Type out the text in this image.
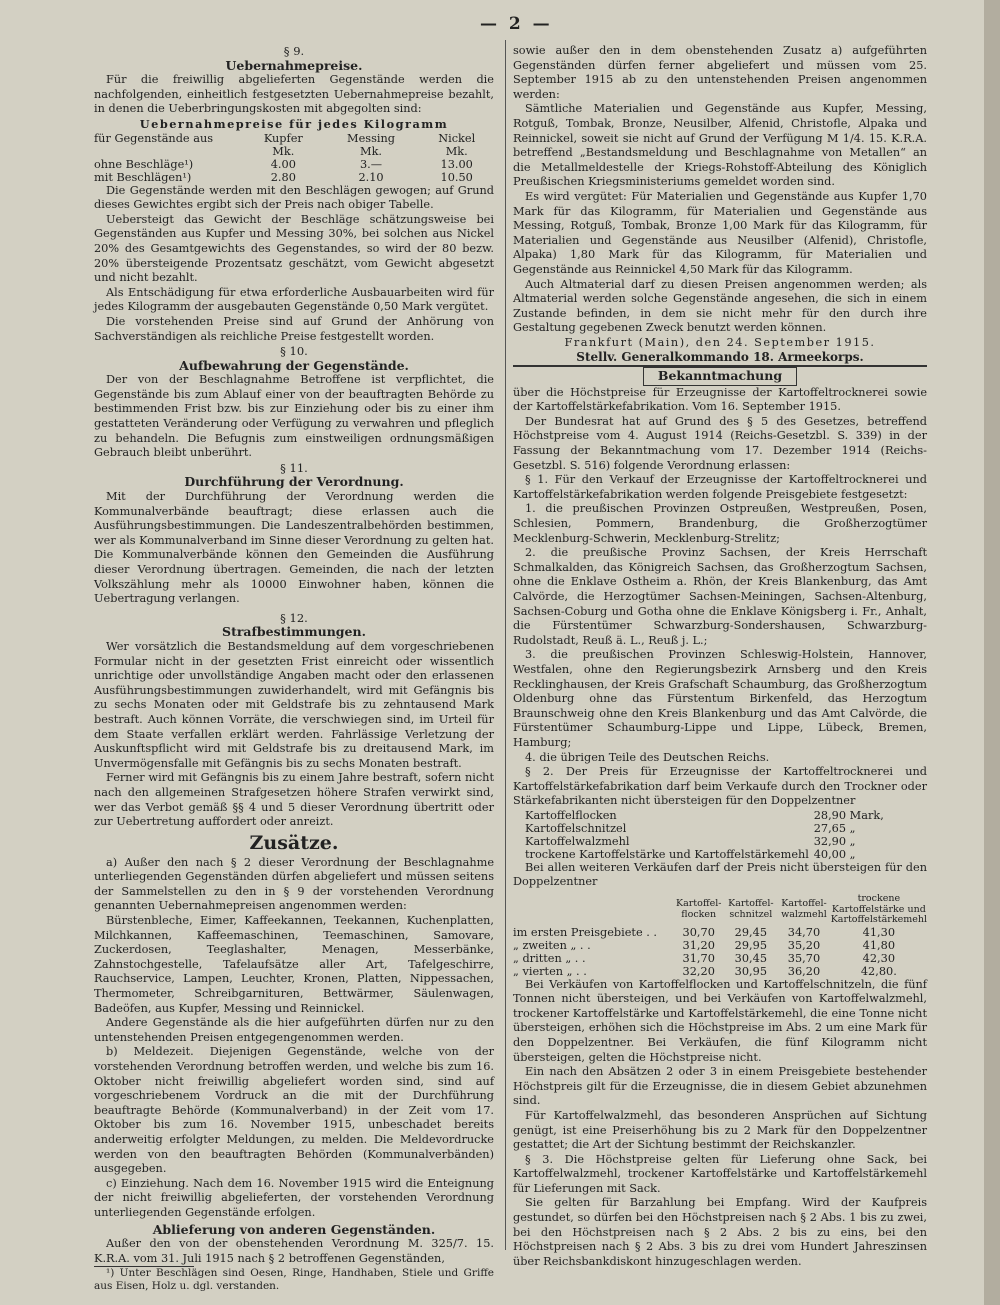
— 2 —
§ 9.
Uebernahmepreise.

Für die freiwillig abgelieferten Gegenstände werden die nachfolgenden, einheitlich festgesetzten Uebernahmepreise bezahlt, in denen die Ueberbringungskosten mit abgegolten sind:

Uebernahmepreise für jedes Kilogramm
für Gegenstände aus	Kupfer	Messing	Nickel
	Mk.	Mk.	Mk.
ohne Beschläge¹)	4.00	3.—	13.00
mit Beschlägen¹)	2.80	2.10	10.50

Die Gegenstände werden mit den Beschlägen gewogen; auf Grund dieses Gewichtes ergibt sich der Preis nach obiger Tabelle.

Uebersteigt das Gewicht der Beschläge schätzungsweise bei Gegenständen aus Kupfer und Messing 30%, bei solchen aus Nickel 20% des Gesamtgewichts des Gegenstandes, so wird der 80 bezw. 20% übersteigende Prozentsatz geschätzt, vom Gewicht abgesetzt und nicht bezahlt.

Als Entschädigung für etwa erforderliche Ausbauarbeiten wird für jedes Kilogramm der ausgebauten Gegenstände 0,50 Mark vergütet.

Die vorstehenden Preise sind auf Grund der Anhörung von Sachverständigen als reichliche Preise festgestellt worden.

§ 10.
Aufbewahrung der Gegenstände.

Der von der Beschlagnahme Betroffene ist verpflichtet, die Gegenstände bis zum Ablauf einer von der beauftragten Behörde zu bestimmenden Frist bzw. bis zur Einziehung oder bis zu einer ihm gestatteten Veränderung oder Verfügung zu verwahren und pfleglich zu behandeln. Die Befugnis zum einstweiligen ordnungsmäßigen Gebrauch bleibt unberührt.

§ 11.
Durchführung der Verordnung.

Mit der Durchführung der Verordnung werden die Kommunalverbände beauftragt; diese erlassen auch die Ausführungsbestimmungen. Die Landeszentralbehörden bestimmen, wer als Kommunalverband im Sinne dieser Verordnung zu gelten hat. Die Kommunalverbände können den Gemeinden die Ausführung dieser Verordnung übertragen. Gemeinden, die nach der letzten Volkszählung mehr als 10000 Einwohner haben, können die Uebertragung verlangen.

§ 12.
Strafbestimmungen.

Wer vorsätzlich die Bestandsmeldung auf dem vorgeschriebenen Formular nicht in der gesetzten Frist einreicht oder wissentlich unrichtige oder unvollständige Angaben macht oder den erlassenen Ausführungsbestimmungen zuwiderhandelt, wird mit Gefängnis bis zu sechs Monaten oder mit Geldstrafe bis zu zehntausend Mark bestraft. Auch können Vorräte, die verschwiegen sind, im Urteil für dem Staate verfallen erklärt werden. Fahrlässige Verletzung der Auskunftspflicht wird mit Geldstrafe bis zu dreitausend Mark, im Unvermögensfalle mit Gefängnis bis zu sechs Monaten bestraft.

Ferner wird mit Gefängnis bis zu einem Jahre bestraft, sofern nicht nach den allgemeinen Strafgesetzen höhere Strafen verwirkt sind, wer das Verbot gemäß §§ 4 und 5 dieser Verordnung übertritt oder zur Uebertretung auffordert oder anreizt.

Zusätze.

a) Außer den nach § 2 dieser Verordnung der Beschlagnahme unterliegenden Gegenständen dürfen abgeliefert und müssen seitens der Sammelstellen zu den in § 9 der vorstehenden Verordnung genannten Uebernahmepreisen angenommen werden:

Bürstenbleche, Eimer, Kaffeekannen, Teekannen, Kuchenplatten, Milchkannen, Kaffeemaschinen, Teemaschinen, Samovare, Zuckerdosen, Teeglashalter, Menagen, Messerbänke, Zahnstochgestelle, Tafelaufsätze aller Art, Tafelgeschirre, Rauchservice, Lampen, Leuchter, Kronen, Platten, Nippessachen, Thermometer, Schreibgarnituren, Bettwärmer, Säulenwagen, Badeöfen, aus Kupfer, Messing und Reinnickel.

Andere Gegenstände als die hier aufgeführten dürfen nur zu den untenstehenden Preisen entgegengenommen werden.

b) Meldezeit. Diejenigen Gegenstände, welche von der vorstehenden Verordnung betroffen werden, und welche bis zum 16. Oktober nicht freiwillig abgeliefert worden sind, sind auf vorgeschriebenem Vordruck an die mit der Durchführung beauftragte Behörde (Kommunalverband) in der Zeit vom 17. Oktober bis zum 16. November 1915, unbeschadet bereits anderweitig erfolgter Meldungen, zu melden. Die Meldevordrucke werden von den beauftragten Behörden (Kommunalverbänden) ausgegeben.

c) Einziehung. Nach dem 16. November 1915 wird die Enteignung der nicht freiwillig abgelieferten, der vorstehenden Verordnung unterliegenden Gegenstände erfolgen.

Ablieferung von anderen Gegenständen.

Außer den von der obenstehenden Verordnung M. 325/7. 15. K.R.A. vom 31. Juli 1915 nach § 2 betroffenen Gegenständen,

¹) Unter Beschlägen sind Oesen, Ringe, Handhaben, Stiele und Griffe aus Eisen, Holz u. dgl. verstanden.

sowie außer den in dem obenstehenden Zusatz a) aufgeführten Gegenständen dürfen ferner abgeliefert und müssen vom 25. September 1915 ab zu den untenstehenden Preisen angenommen werden:

Sämtliche Materialien und Gegenstände aus Kupfer, Messing, Rotguß, Tombak, Bronze, Neusilber, Alfenid, Christofle, Alpaka und Reinnickel, soweit sie nicht auf Grund der Verfügung M 1/4. 15. K.R.A. betreffend „Bestandsmeldung und Beschlagnahme von Metallen“ an die Metallmeldestelle der Kriegs-Rohstoff-Abteilung des Königlich Preußischen Kriegsministeriums gemeldet worden sind.

Es wird vergütet: Für Materialien und Gegenstände aus Kupfer 1,70 Mark für das Kilogramm, für Materialien und Gegenstände aus Messing, Rotguß, Tombak, Bronze 1,00 Mark für das Kilogramm, für Materialien und Gegenstände aus Neusilber (Alfenid), Christofle, Alpaka) 1,80 Mark für das Kilogramm, für Materialien und Gegenstände aus Reinnickel 4,50 Mark für das Kilogramm.

Auch Altmaterial darf zu diesen Preisen angenommen werden; als Altmaterial werden solche Gegenstände angesehen, die sich in einem Zustande befinden, in dem sie nicht mehr für den durch ihre Gestaltung gegebenen Zweck benutzt werden können.

Frankfurt (Main), den 24. September 1915.
Stellv. Generalkommando 18. Armeekorps.
Bekanntmachung

über die Höchstpreise für Erzeugnisse der Kartoffeltrocknerei sowie der Kartoffelstärkefabrikation. Vom 16. September 1915.

Der Bundesrat hat auf Grund des § 5 des Gesetzes, betreffend Höchstpreise vom 4. August 1914 (Reichs-Gesetzbl. S. 339) in der Fassung der Bekanntmachung vom 17. Dezember 1914 (Reichs-Gesetzbl. S. 516) folgende Verordnung erlassen:

§ 1. Für den Verkauf der Erzeugnisse der Kartoffeltrocknerei und Kartoffelstärkefabrikation werden folgende Preisgebiete festgesetzt:

1. die preußischen Provinzen Ostpreußen, Westpreußen, Posen, Schlesien, Pommern, Brandenburg, die Großherzogtümer Mecklenburg-Schwerin, Mecklenburg-Strelitz;

2. die preußische Provinz Sachsen, der Kreis Herrschaft Schmalkalden, das Königreich Sachsen, das Großherzogtum Sachsen, ohne die Enklave Ostheim a. Rhön, der Kreis Blankenburg, das Amt Calvörde, die Herzogtümer Sachsen-Meiningen, Sachsen-Altenburg, Sachsen-Coburg und Gotha ohne die Enklave Königsberg i. Fr., Anhalt, die Fürstentümer Schwarzburg-Sondershausen, Schwarzburg-Rudolstadt, Reuß ä. L., Reuß j. L.;

3. die preußischen Provinzen Schleswig-Holstein, Hannover, Westfalen, ohne den Regierungsbezirk Arnsberg und den Kreis Recklinghausen, der Kreis Grafschaft Schaumburg, das Großherzogtum Oldenburg ohne das Fürstentum Birkenfeld, das Herzogtum Braunschweig ohne den Kreis Blankenburg und das Amt Calvörde, die Fürstentümer Schaumburg-Lippe und Lippe, Lübeck, Bremen, Hamburg;

4. die übrigen Teile des Deutschen Reichs.

§ 2. Der Preis für Erzeugnisse der Kartoffeltrocknerei und Kartoffelstärkefabrikation darf beim Verkaufe durch den Trockner oder Stärkefabrikanten nicht übersteigen für den Doppelzentner

Kartoffelflocken	28,90 Mark,
Kartoffelschnitzel	27,65 „
Kartoffelwalzmehl	32,90 „
trockene Kartoffelstärke und Kartoffelstärkemehl	40,00 „

Bei allen weiteren Verkäufen darf der Preis nicht übersteigen für den Doppelzentner

	Kartoffel-flocken	Kartoffel-schnitzel	Kartoffel-walzmehl	trockene Kartoffelstärke und Kartoffelstärkemehl
im ersten Preisgebiete . .	30,70	29,45	34,70	41,30
„ zweiten „ . .	31,20	29,95	35,20	41,80
„ dritten „ . .	31,70	30,45	35,70	42,30
„ vierten „ . .	32,20	30,95	36,20	42,80.

Bei Verkäufen von Kartoffelflocken und Kartoffelschnitzeln, die fünf Tonnen nicht übersteigen, und bei Verkäufen von Kartoffelwalzmehl, trockener Kartoffelstärke und Kartoffelstärkemehl, die eine Tonne nicht übersteigen, erhöhen sich die Höchstpreise im Abs. 2 um eine Mark für den Doppelzentner. Bei Verkäufen, die fünf Kilogramm nicht übersteigen, gelten die Höchstpreise nicht.

Ein nach den Absätzen 2 oder 3 in einem Preisgebiete bestehender Höchstpreis gilt für die Erzeugnisse, die in diesem Gebiet abzunehmen sind.

Für Kartoffelwalzmehl, das besonderen Ansprüchen auf Sichtung genügt, ist eine Preiserhöhung bis zu 2 Mark für den Doppelzentner gestattet; die Art der Sichtung bestimmt der Reichskanzler.

§ 3. Die Höchstpreise gelten für Lieferung ohne Sack, bei Kartoffelwalzmehl, trockener Kartoffelstärke und Kartoffelstärkemehl für Lieferungen mit Sack.

Sie gelten für Barzahlung bei Empfang. Wird der Kaufpreis gestundet, so dürfen bei den Höchstpreisen nach § 2 Abs. 1 bis zu zwei, bei den Höchstpreisen nach § 2 Abs. 2 bis zu eins, bei den Höchstpreisen nach § 2 Abs. 3 bis zu drei vom Hundert Jahreszinsen über Reichsbankdiskont hinzugeschlagen werden.
